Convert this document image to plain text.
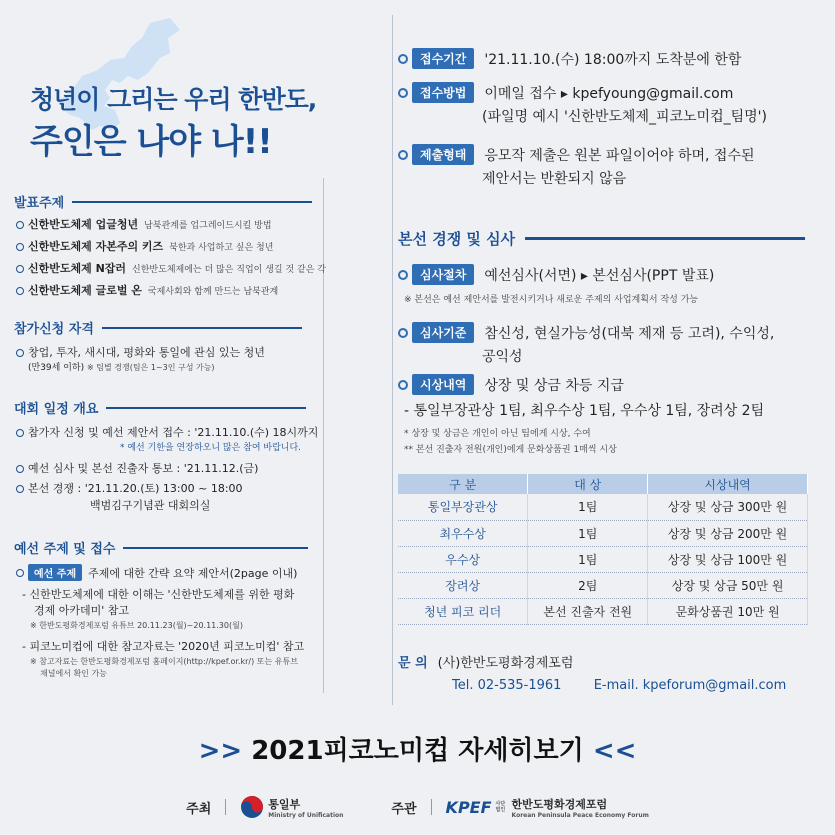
청년이 그리는 우리 한반도,
주인은 나야 나!!
발표주제
신한반도체제 업글청년 남북관계를 업그레이드시킬 방법
신한반도체제 자본주의 키즈 북한과 사업하고 싶은 청년
신한반도체제 N잡러 신한반도체제에는 더 많은 직업이 생길 것 같은 각
신한반도체제 글로벌 온 국제사회와 함께 만드는 남북관계
참가신청 자격
창업, 투자, 새시대, 평화와 통일에 관심 있는 청년
(만39세 이하) ※ 팀별 경쟁(팀은 1~3인 구성 가능)
대회 일정 개요
참가자 신청 및 예선 제안서 접수 : '21.11.10.(수) 18시까지
* 예선 기한을 연장하오니 많은 참여 바랍니다.
예선 심사 및 본선 진출자 통보 : '21.11.12.(금)
본선 경쟁 : '21.11.20.(토) 13:00 ~ 18:00
백범김구기념관 대회의실
예선 주제 및 접수
예선 주제	주제에 대한 간략 요약 제안서(2page 이내)
- 신한반도체제에 대한 이해는 '신한반도체제를 위한 평화
경제 아카데미' 참고
※ 한반도평화경제포럼 유튜브 20.11.23(월)~20.11.30(월)
- 피코노미컵에 대한 참고자료는 '2020년 피코노미컵' 참고
※ 참고자료는 한반도평화경제포럼 홈페이지(http://kpef.or.kr/) 또는 유튜브
채널에서 확인 가능
접수기간	'21.11.10.(수) 18:00까지 도착분에 한함
접수방법	이메일 접수 ▸ kpefyoung@gmail.com
(파일명 예시 '신한반도체제_피코노미컵_팀명')
제출형태	응모작 제출은 원본 파일이어야 하며, 접수된
제안서는 반환되지 않음
본선 경쟁 및 심사
심사절차	예선심사(서면) ▸ 본선심사(PPT 발표)
※ 본선은 예선 제안서를 발전시키거나 새로운 주제의 사업계획서 작성 가능
심사기준	참신성, 현실가능성(대북 제재 등 고려), 수익성,
공익성
시상내역	상장 및 상금 차등 지급
- 통일부장관상 1팀, 최우수상 1팀, 우수상 1팀, 장려상 2팀
* 상장 및 상금은 개인이 아닌 팀에게 시상, 수여
** 본선 진출자 전원(개인)에게 문화상품권 1매씩 시상
구 분	대 상	시상내역
통일부장관상	1팀	상장 및 상금 300만 원
최우수상	1팀	상장 및 상금 200만 원
우수상	1팀	상장 및 상금 100만 원
장려상	2팀	상장 및 상금 50만 원
청년 피코 리더	본선 진출자 전원	문화상품권 10만 원
문 의 (사)한반도평화경제포럼
Tel. 02-535-1961 E-mail. kpeforum@gmail.com
>> 2021피코노미컵 자세히보기 <<
주최	통일부
Ministry of Unification	주관 KPEF 사단법인 한반도평화경제포럼
Korean Peninsula Peace Economy Forum
